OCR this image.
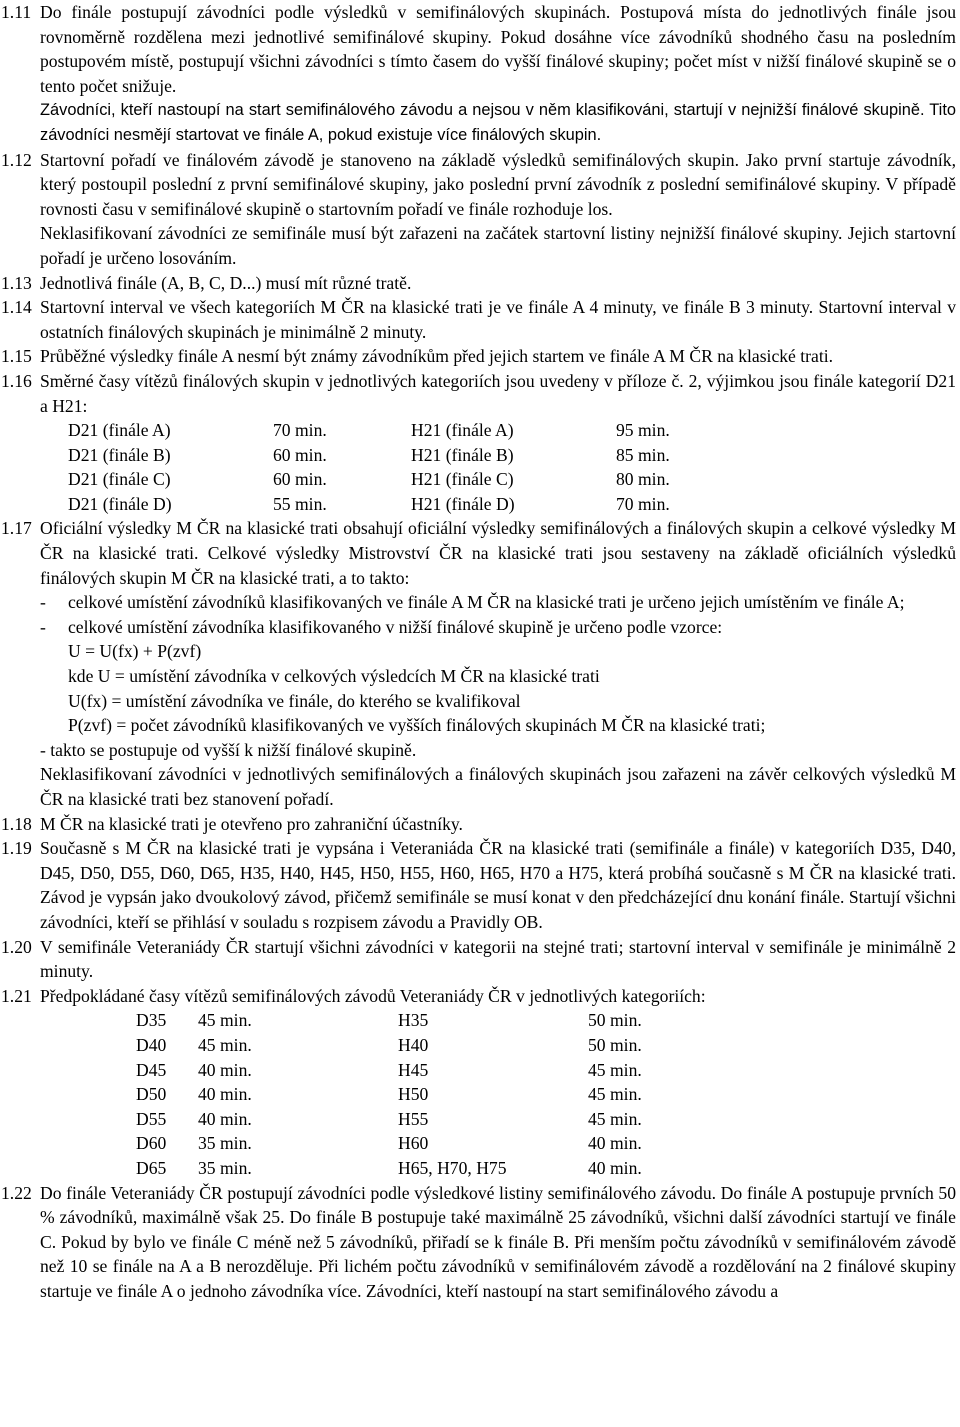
1.11 Do finále postupují závodníci podle výsledků v semifinálových skupinách. Postupová místa do jednotlivých finále jsou rovnoměrně rozdělena mezi jednotlivé semifinálové skupiny. Pokud dosáhne více závodníků shodného času na posledním postupovém místě, postupují všichni závodníci s tímto časem do vyšší finálové skupiny; počet míst v nižší finálové skupině se o tento počet snižuje.

Závodníci, kteří nastoupí na start semifinálového závodu a nejsou v něm klasifikováni, startují v nejnižší finálové skupině. Tito závodníci nesmějí startovat ve finále A, pokud existuje více finálových skupin.

1.12 Startovní pořadí ve finálovém závodě je stanoveno na základě výsledků semifinálových skupin. Jako první startuje závodník, který postoupil poslední z první semifinálové skupiny, jako poslední první závodník z poslední semifinálové skupiny. V případě rovnosti času v semifinálové skupině o startovním pořadí ve finále rozhoduje los.

Neklasifikovaní závodníci ze semifinále musí být zařazeni na začátek startovní listiny nejnižší finálové skupiny. Jejich startovní pořadí je určeno losováním.

1.13 Jednotlivá finále (A, B, C, D...) musí mít různé tratě.

1.14 Startovní interval ve všech kategoriích M ČR na klasické trati je ve finále A 4 minuty, ve finále B 3 minuty. Startovní interval v ostatních finálových skupinách je minimálně 2 minuty.

1.15 Průběžné výsledky finále A nesmí být známy závodníkům před jejich startem ve finále A M ČR na klasické trati.

1.16 Směrné časy vítězů finálových skupin v jednotlivých kategoriích jsou uvedeny v příloze č. 2, výjimkou jsou finále kategorií D21 a H21:

D21 (finále A)	70 min.	H21 (finále A)	95 min.
D21 (finále B)	60 min.	H21 (finále B)	85 min.
D21 (finále C)	60 min.	H21 (finále C)	80 min.
D21 (finále D)	55 min.	H21 (finále D)	70 min.
1.17 Oficiální výsledky M ČR na klasické trati obsahují oficiální výsledky semifinálových a finálových skupin a celkové výsledky M ČR na klasické trati. Celkové výsledky Mistrovství ČR na klasické trati jsou sestaveny na základě oficiálních výsledků finálových skupin M ČR na klasické trati, a to takto:

-	celkové umístění závodníků klasifikovaných ve finále A M ČR na klasické trati je určeno jejich umístěním ve finále A;
-	celkové umístění závodníka klasifikovaného v nižší finálové skupině je určeno podle vzorce:

U = U(fx) + P(zvf)

kde U = umístění závodníka v celkových výsledcích M ČR na klasické trati

U(fx) = umístění závodníka ve finále, do kterého se kvalifikoval

P(zvf) = počet závodníků klasifikovaných ve vyšších finálových skupinách M ČR na klasické trati;

- takto se postupuje od vyšší k nižší finálové skupině.

Neklasifikovaní závodníci v jednotlivých semifinálových a finálových skupinách jsou zařazeni na závěr celkových výsledků M ČR na klasické trati bez stanovení pořadí.

1.18 M ČR na klasické trati je otevřeno pro zahraniční účastníky.

1.19 Současně s M ČR na klasické trati je vypsána i Veteraniáda ČR na klasické trati (semifinále a finále) v kategoriích D35, D40, D45, D50, D55, D60, D65, H35, H40, H45, H50, H55, H60, H65, H70 a H75, která probíhá současně s M ČR na klasické trati. Závod je vypsán jako dvoukolový závod, přičemž semifinále se musí konat v den předcházející dnu konání finále. Startují všichni závodníci, kteří se přihlásí v souladu s rozpisem závodu a Pravidly OB.

1.20 V semifinále Veteraniády ČR startují všichni závodníci v kategorii na stejné trati; startovní interval v semifinále je minimálně 2 minuty.

1.21 Předpokládané časy vítězů semifinálových závodů Veteraniády ČR v jednotlivých kategoriích:

D35	45 min.	H35	50 min.
D40	45 min.	H40	50 min.
D45	40 min.	H45	45 min.
D50	40 min.	H50	45 min.
D55	40 min.	H55	45 min.
D60	35 min.	H60	40 min.
D65	35 min.	H65, H70, H75	40 min.
1.22 Do finále Veteraniády ČR postupují závodníci podle výsledkové listiny semifinálového závodu. Do finále A postupuje prvních 50 % závodníků, maximálně však 25. Do finále B postupuje také maximálně 25 závodníků, všichni další závodníci startují ve finále C. Pokud by bylo ve finále C méně než 5 závodníků, přiřadí se k finále B. Při menším počtu závodníků v semifinálovém závodě než 10 se finále na A a B nerozděluje. Při lichém počtu závodníků v semifinálovém závodě a rozdělování na 2 finálové skupiny startuje ve finále A o jednoho závodníka více. Závodníci, kteří nastoupí na start semifinálového závodu a
